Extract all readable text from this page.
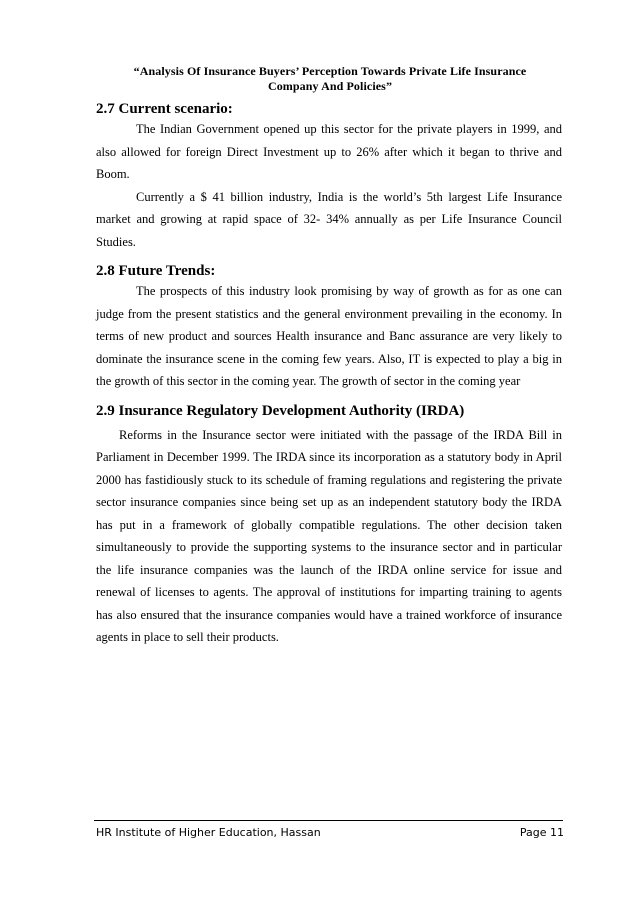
“Analysis Of Insurance Buyers’ Perception Towards Private Life Insurance
Company And Policies”
2.7 Current scenario:

The Indian Government opened up this sector for the private players in 1999, and also allowed for foreign Direct Investment up to 26% after which it began to thrive and Boom.

Currently a $ 41 billion industry, India is the world’s 5th largest Life Insurance market and growing at rapid space of 32- 34% annually as per Life Insurance Council Studies.

2.8 Future Trends:

The prospects of this industry look promising by way of growth as for as one can judge from the present statistics and the general environment prevailing in the economy. In terms of new product and sources Health insurance and Banc assurance are very likely to dominate the insurance scene in the coming few years. Also, IT is expected to play a big in the growth of this sector in the coming year. The growth of sector in the coming year

2.9 Insurance Regulatory Development Authority (IRDA)

Reforms in the Insurance sector were initiated with the passage of the IRDA Bill in Parliament in December 1999. The IRDA since its incorporation as a statutory body in April 2000 has fastidiously stuck to its schedule of framing regulations and registering the private sector insurance companies since being set up as an independent statutory body the IRDA has put in a framework of globally compatible regulations. The other decision taken simultaneously to provide the supporting systems to the insurance sector and in particular the life insurance companies was the launch of the IRDA online service for issue and renewal of licenses to agents. The approval of institutions for imparting training to agents has also ensured that the insurance companies would have a trained workforce of insurance agents in place to sell their products.

HR Institute of Higher Education, Hassan	Page 11
